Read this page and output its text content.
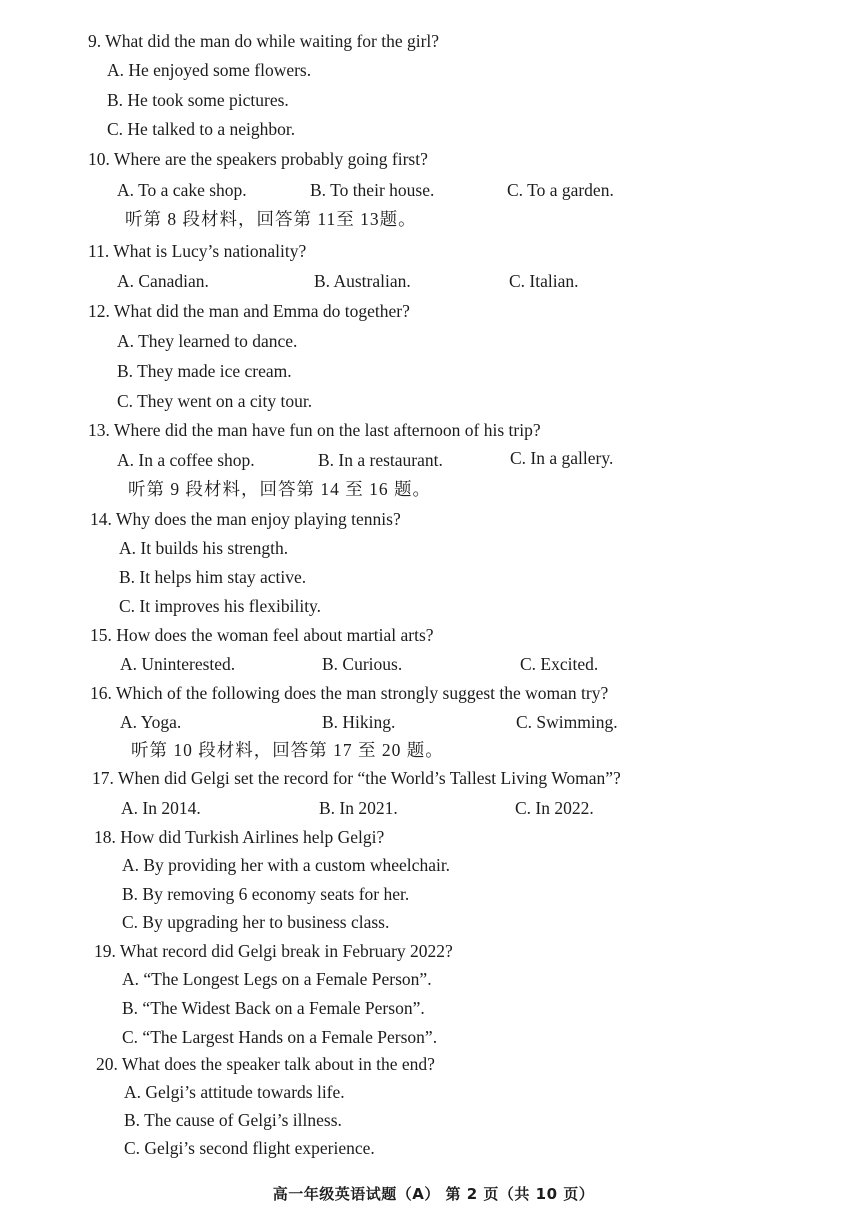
9. What did the man do while waiting for the girl?
A. He enjoyed some flowers.
B. He took some pictures.
C. He talked to a neighbor.
10. Where are the speakers probably going first?
A. To a cake shop.	B. To their house.	C. To a garden.
听第 8 段材料，回答第 11至 13题。
11. What is Lucy’s nationality?
A. Canadian.	B. Australian.	C. Italian.
12. What did the man and Emma do together?
A. They learned to dance.
B. They made ice cream.
C. They went on a city tour.
13. Where did the man have fun on the last afternoon of his trip?
A. In a coffee shop.	B. In a restaurant.	C. In a gallery.
听第 9 段材料，回答第 14 至 16 题。
14. Why does the man enjoy playing tennis?
A. It builds his strength.
B. It helps him stay active.
C. It improves his flexibility.
15. How does the woman feel about martial arts?
A. Uninterested.	B. Curious.	C. Excited.
16. Which of the following does the man strongly suggest the woman try?
A. Yoga.	B. Hiking.	C. Swimming.
听第 10 段材料，回答第 17 至 20 题。
17. When did Gelgi set the record for “the World’s Tallest Living Woman”?
A. In 2014.	B. In 2021.	C. In 2022.
18. How did Turkish Airlines help Gelgi?
A. By providing her with a custom wheelchair.
B. By removing 6 economy seats for her.
C. By upgrading her to business class.
19. What record did Gelgi break in February 2022?
A. “The Longest Legs on a Female Person”.
B. “The Widest Back on a Female Person”.
C. “The Largest Hands on a Female Person”.
20. What does the speaker talk about in the end?
A. Gelgi’s attitude towards life.
B. The cause of Gelgi’s illness.
C. Gelgi’s second flight experience.
高一年级英语试题（A） 第 2 页（共 10 页）
